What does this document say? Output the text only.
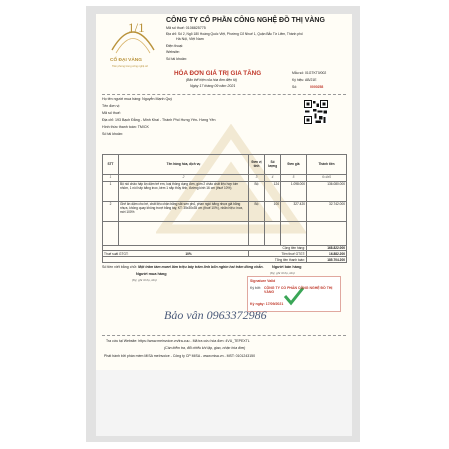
1/1
CỔ ĐẠI VÀNG
Tiên phong trong công nghệ số
CÔNG TY CỔ PHẦN CÔNG NGHỆ ĐỒ THỊ VÀNG
Mã số thuế: 0108825775
Địa chỉ: Số 2, Ngõ 180 Hoàng Quốc Việt, Phường Cổ Nhuế 1, Quận Bắc Từ Liêm, Thành phố
Hà Nội, Việt Nam
Điện thoại:
Website:
Số tài khoản:
HÓA ĐƠN GIÁ TRỊ GIA TĂNG
(Bản thể hiện của hóa đơn điện tử)
Ngày 17 tháng 09 năm 2021
Mẫu số: 01GTKT0/002
Ký hiệu: AB/21E
Số:	0000258
Họ tên người mua hàng: Nguyễn Mạnh Quý
Tên đơn vị:
Mã số thuế:
Địa chỉ: 193 Bạch Đằng - Minh Khai - Thành Phố Hưng Yên- Hưng Yên
Hình thức thanh toán: TM/CK
Số tài khoản:
STT	Tên hàng hóa, dịch vụ	Đơn vị tính	Số lượng	Đơn giá	Thành tiền
1	2	3	4	5	6=4x5
1	Bộ nồi chảo hấp ăn dặm trẻ em, loại thông dụng đơn, gồm 2 chảo chất liệu hợp kim nhôm, 1 nồi hấp bằng inox, kèm 1 nắp thủy tinh, đường kính 16 cm (thuế 10%)	Bộ	124	1.098.000	136.080.000
2	Ghế ăn dặm cho bé, chất liệu chân bằng sắt sơn phủ, phần ngồi bằng nhựa giả bằng nhựa, không quay không trượt bằng tay, KT: 35x30x35 cm (thuế 10%), nhãn hiệu: inox, mới 100%	Bộ	100	327.420	32.742.000

Cộng tiền hàng:					168.822.000
Thuế suất GTGT: 10%		Tiền thuế GTGT:			16.882.200
Tổng tiền thanh toán:					185.704.200
Số tiền viết bằng chữ: Một trăm tám mươi lăm triệu bảy trăm linh bốn nghìn hai trăm đồng chẵn.
Người mua hàng
(Ký, ghi rõ họ, tên)
Người bán hàng
(Ký, ghi rõ họ, tên)
Signature Valid
Ký bởi: CÔNG TY CỔ PHẦN CÔNG NGHỆ ĐỒ THỊ VÀNG
Ký ngày: 17/09/2021
Bảo vân 0963372986
Tra cứu tại Website: https://www.meinvoice.vn/tra-cuu - Mã tra cứu hóa đơn: 4VU_TEPEXTL
(Cần kiểm tra, đối chiếu khi lập, giao, nhận hóa đơn)
Phát hành bởi phần mềm MISA meInvoice - Công ty CP MISA - www.misa.vn - MST: 0101243150
